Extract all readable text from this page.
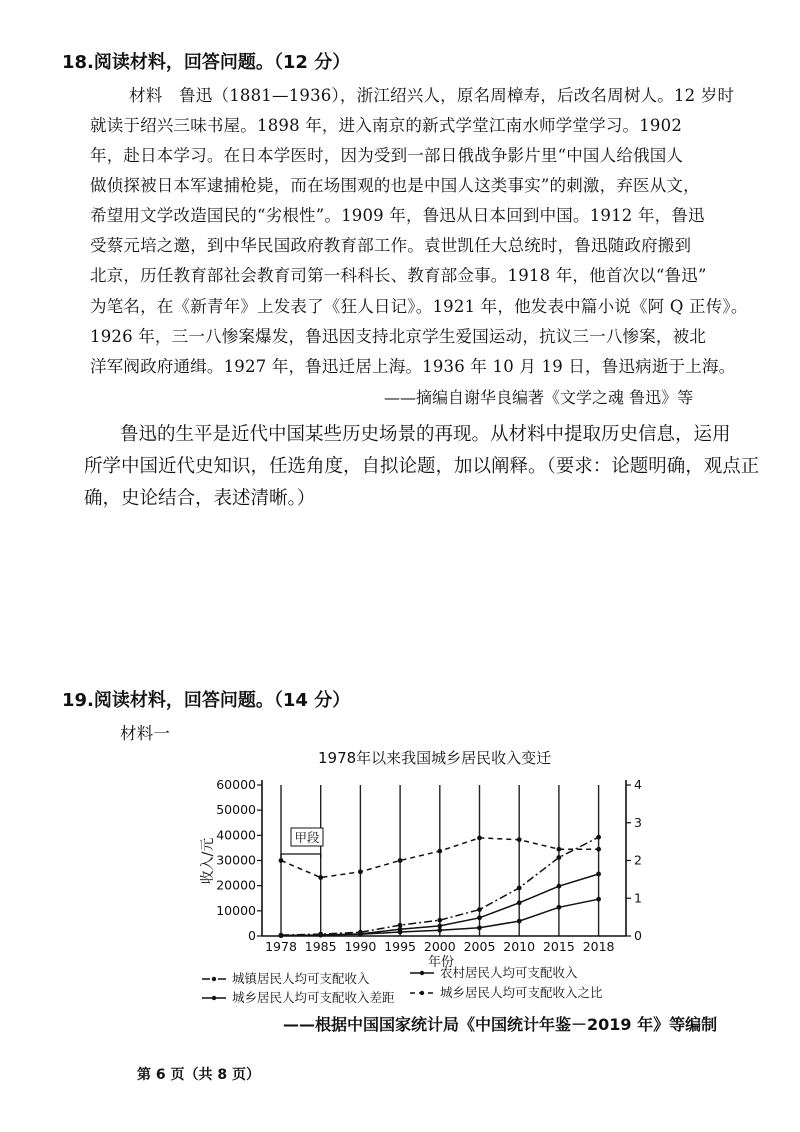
18.阅读材料，回答问题。（12 分）
材料　鲁迅（1881—1936），浙江绍兴人，原名周樟寿，后改名周树人。12 岁时
就读于绍兴三味书屋。1898 年，进入南京的新式学堂江南水师学堂学习。1902
年，赴日本学习。在日本学医时，因为受到一部日俄战争影片里“中国人给俄国人
做侦探被日本军逮捕枪毙，而在场围观的也是中国人这类事实”的刺激，弃医从文，
希望用文学改造国民的“劣根性”。1909 年，鲁迅从日本回到中国。1912 年，鲁迅
受蔡元培之邀，到中华民国政府教育部工作。袁世凯任大总统时，鲁迅随政府搬到
北京，历任教育部社会教育司第一科科长、教育部佥事。1918 年，他首次以“鲁迅”
为笔名，在《新青年》上发表了《狂人日记》。1921 年，他发表中篇小说《阿 Q 正传》。
1926 年，三一八惨案爆发，鲁迅因支持北京学生爱国运动，抗议三一八惨案，被北
洋军阀政府通缉。1927 年，鲁迅迁居上海。1936 年 10 月 19 日，鲁迅病逝于上海。
——摘编自谢华良编著《文学之魂 鲁迅》等
鲁迅的生平是近代中国某些历史场景的再现。从材料中提取历史信息，运用
所学中国近代史知识，任选角度，自拟论题，加以阐释。（要求：论题明确，观点正
确，史论结合，表述清晰。）
19.阅读材料，回答问题。（14 分）
材料一
1978年以来我国城乡居民收入变迁
0
10000
20000
30000
40000
50000
60000
0
1
2
3
4
1978 1985 1990 1995 2000 2005 2010 2015 2018
年份
收入/元
甲段
城镇居民人均可支配收入	农村居民人均可支配收入
城乡居民人均可支配收入差距	城乡居民人均可支配收入之比
——根据中国国家统计局《中国统计年鉴－2019 年》等编制
第 6 页（共 8 页）
